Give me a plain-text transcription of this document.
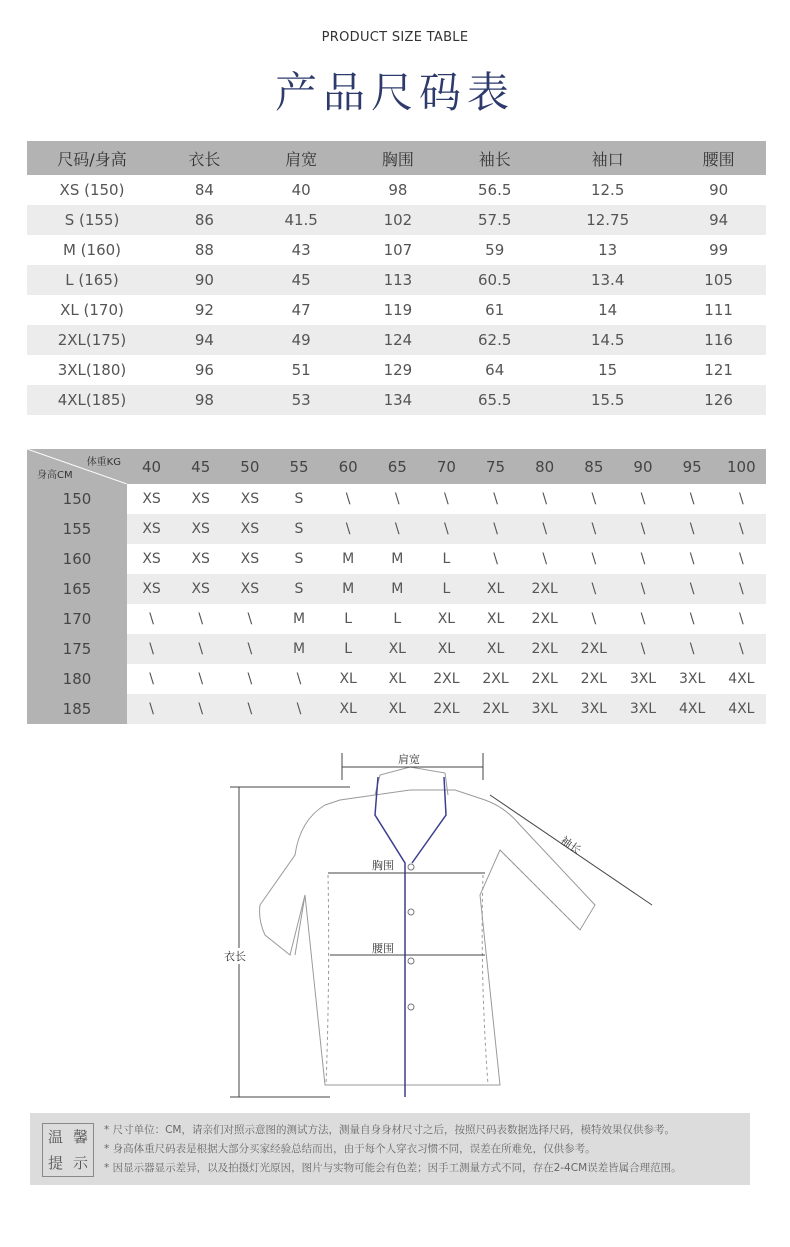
PRODUCT SIZE TABLE
产品尺码表
尺码/身高	衣长	肩宽	胸围	袖长	袖口	腰围
XS (150)	84	40	98	56.5	12.5	90
S (155)	86	41.5	102	57.5	12.75	94
M (160)	88	43	107	59	13	99
L (165)	90	45	113	60.5	13.4	105
XL (170)	92	47	119	61	14	111
2XL(175)	94	49	124	62.5	14.5	116
3XL(180)	96	51	129	64	15	121
4XL(185)	98	53	134	65.5	15.5	126
体重KG
身高CM	40	45	50	55	60	65	70	75	80	85	90	95	100
150	XS	XS	XS	S	\	\	\	\	\	\	\	\	\
155	XS	XS	XS	S	\	\	\	\	\	\	\	\	\
160	XS	XS	XS	S	M	M	L	\	\	\	\	\	\
165	XS	XS	XS	S	M	M	L	XL	2XL	\	\	\	\
170	\	\	\	M	L	L	XL	XL	2XL	\	\	\	\
175	\	\	\	M	L	XL	XL	XL	2XL	2XL	\	\	\
180	\	\	\	\	XL	XL	2XL	2XL	2XL	2XL	3XL	3XL	4XL
185	\	\	\	\	XL	XL	2XL	2XL	3XL	3XL	3XL	4XL	4XL
肩宽
袖长
胸围
腰围
衣长
温 馨
提 示
* 尺寸单位：CM，请亲们对照示意图的测试方法，测量自身身材尺寸之后，按照尺码表数据选择尺码，模特效果仅供参考。
* 身高体重尺码表是根据大部分买家经验总结而出，由于每个人穿衣习惯不同，误差在所难免，仅供参考。
* 因显示器显示差异，以及拍摄灯光原因，图片与实物可能会有色差；因手工测量方式不同，存在2-4CM误差皆属合理范围。
